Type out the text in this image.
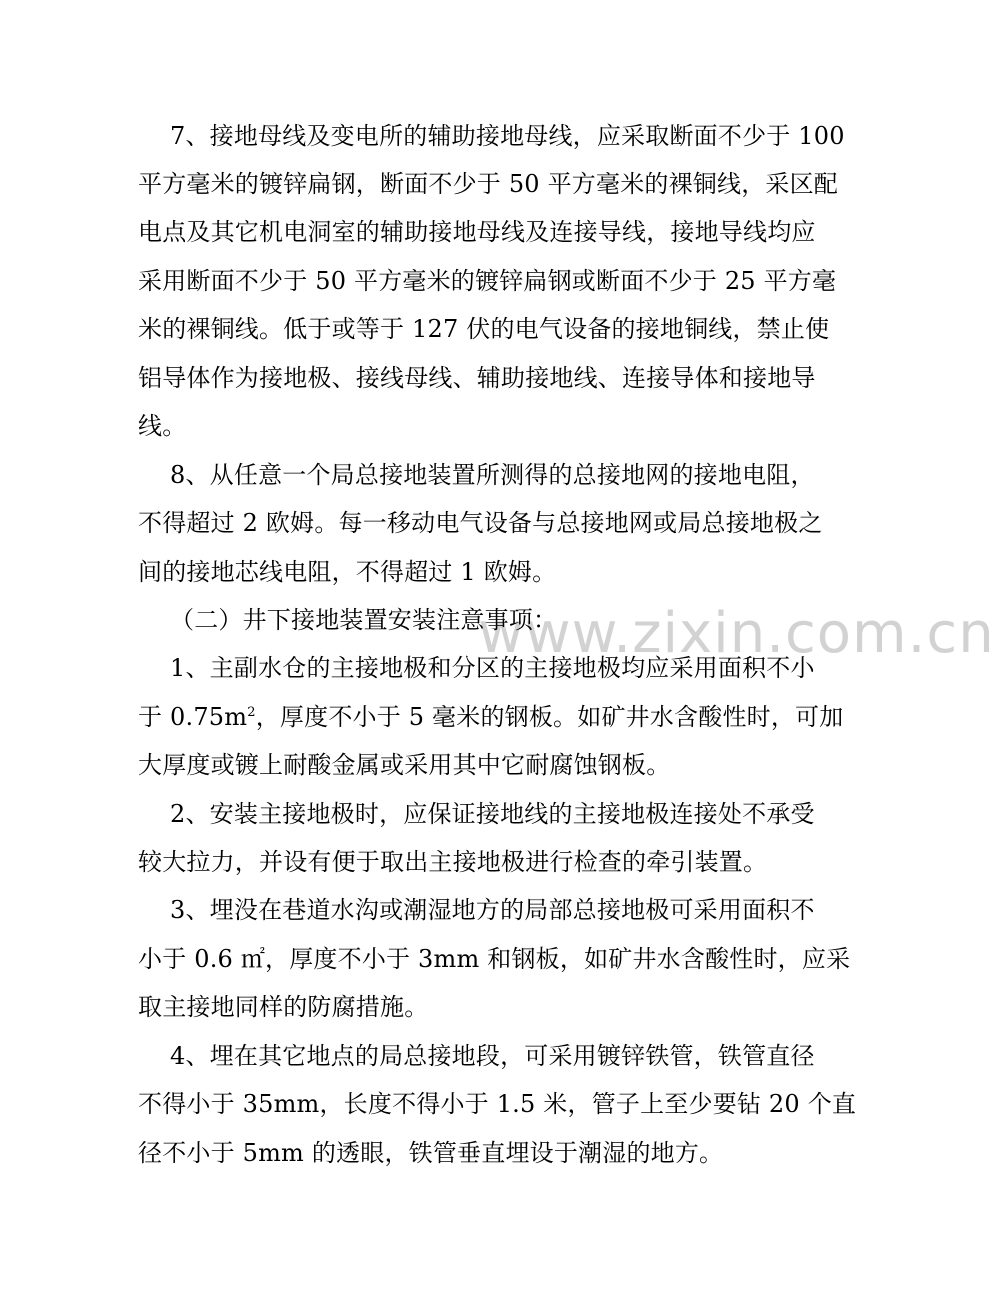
www.zixin.com.cn
7、接地母线及变电所的辅助接地母线，应采取断面不少于 100
平方毫米的镀锌扁钢，断面不少于 50 平方毫米的裸铜线，采区配
电点及其它机电洞室的辅助接地母线及连接导线，接地导线均应
采用断面不少于 50 平方毫米的镀锌扁钢或断面不少于 25 平方毫
米的裸铜线。低于或等于 127 伏的电气设备的接地铜线，禁止使
铝导体作为接地极、接线母线、辅助接地线、连接导体和接地导
线。
8、从任意一个局总接地装置所测得的总接地网的接地电阻，
不得超过 2 欧姆。每一移动电气设备与总接地网或局总接地极之
间的接地芯线电阻，不得超过 1 欧姆。
（二）井下接地装置安装注意事项：
1、主副水仓的主接地极和分区的主接地极均应采用面积不小
于 $0.75m^2$，厚度不小于 5 毫米的钢板。如矿井水含酸性时，可加
大厚度或镀上耐酸金属或采用其中它耐腐蚀钢板。
2、安装主接地极时，应保证接地线的主接地极连接处不承受
较大拉力，并设有便于取出主接地极进行检查的牵引装置。
3、埋没在巷道水沟或潮湿地方的局部总接地极可采用面积不
小于 0.6 ㎡，厚度不小于 3mm 和钢板，如矿井水含酸性时，应采
取主接地同样的防腐措施。
4、埋在其它地点的局总接地段，可采用镀锌铁管，铁管直径
不得小于 35mm，长度不得小于 1.5 米，管子上至少要钻 20 个直
径不小于 5mm 的透眼，铁管垂直埋设于潮湿的地方。
